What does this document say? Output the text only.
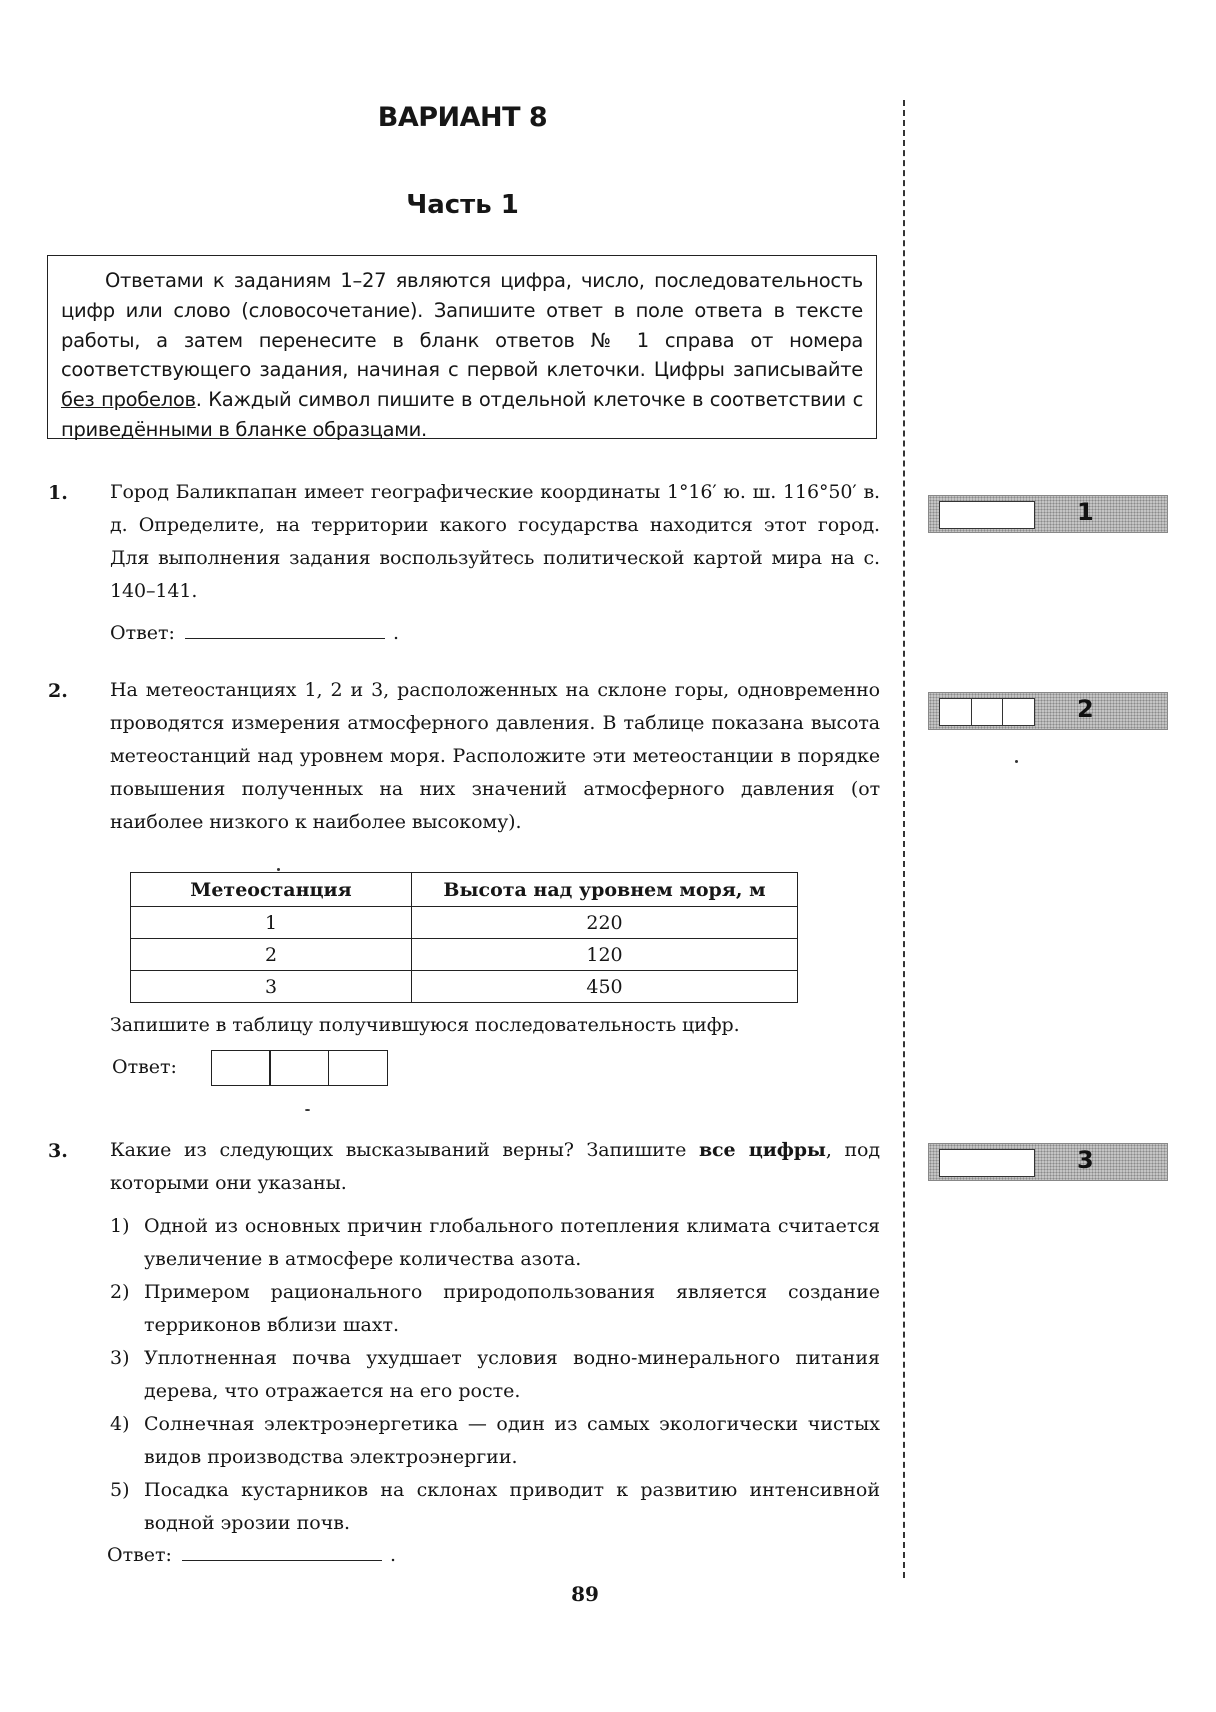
ВАРИАНТ 8
Часть 1
Ответами к заданиям 1–27 являются цифра, число, последовательность цифр или слово (словосочетание). Запишите ответ в поле ответа в тексте работы, а затем перенесите в бланк ответов № 1 справа от номера соответствующего задания, начиная с первой клеточки. Цифры записывайте без пробелов. Каждый символ пишите в отдельной клеточке в соответствии с приведёнными в бланке образцами.
1. Город Баликпапан имеет географические координаты 1°16′ ю. ш. 116°50′ в. д. Определите, на территории какого государства находится этот город. Для выполнения задания воспользуйтесь политической картой мира на с. 140–141.
Ответ:	.
1
2. На метеостанциях 1, 2 и 3, расположенных на склоне горы, одновременно проводятся измерения атмосферного давления. В таблице показана высота метеостанций над уровнем моря. Расположите эти метеостанции в порядке повышения полученных на них значений атмосферного давления (от наиболее низкого к наиболее высокому).
Метеостанция	Высота над уровнем моря, м
1	220
2	120
3	450
Запишите в таблицу получившуюся последовательность цифр.
Ответ:
2
3. Какие из следующих высказываний верны? Запишите все цифры, под которыми они указаны.
1) Одной из основных причин глобального потепления климата считается увеличение в атмосфере количества азота.
2) Примером рационального природопользования является создание терриконов вблизи шахт.
3) Уплотненная почва ухудшает условия водно-минерального питания дерева, что отражается на его росте.
4) Солнечная электроэнергетика — один из самых экологически чистых видов производства электроэнергии.
5) Посадка кустарников на склонах приводит к развитию интенсивной водной эрозии почв.
Ответ:	.
3
89
